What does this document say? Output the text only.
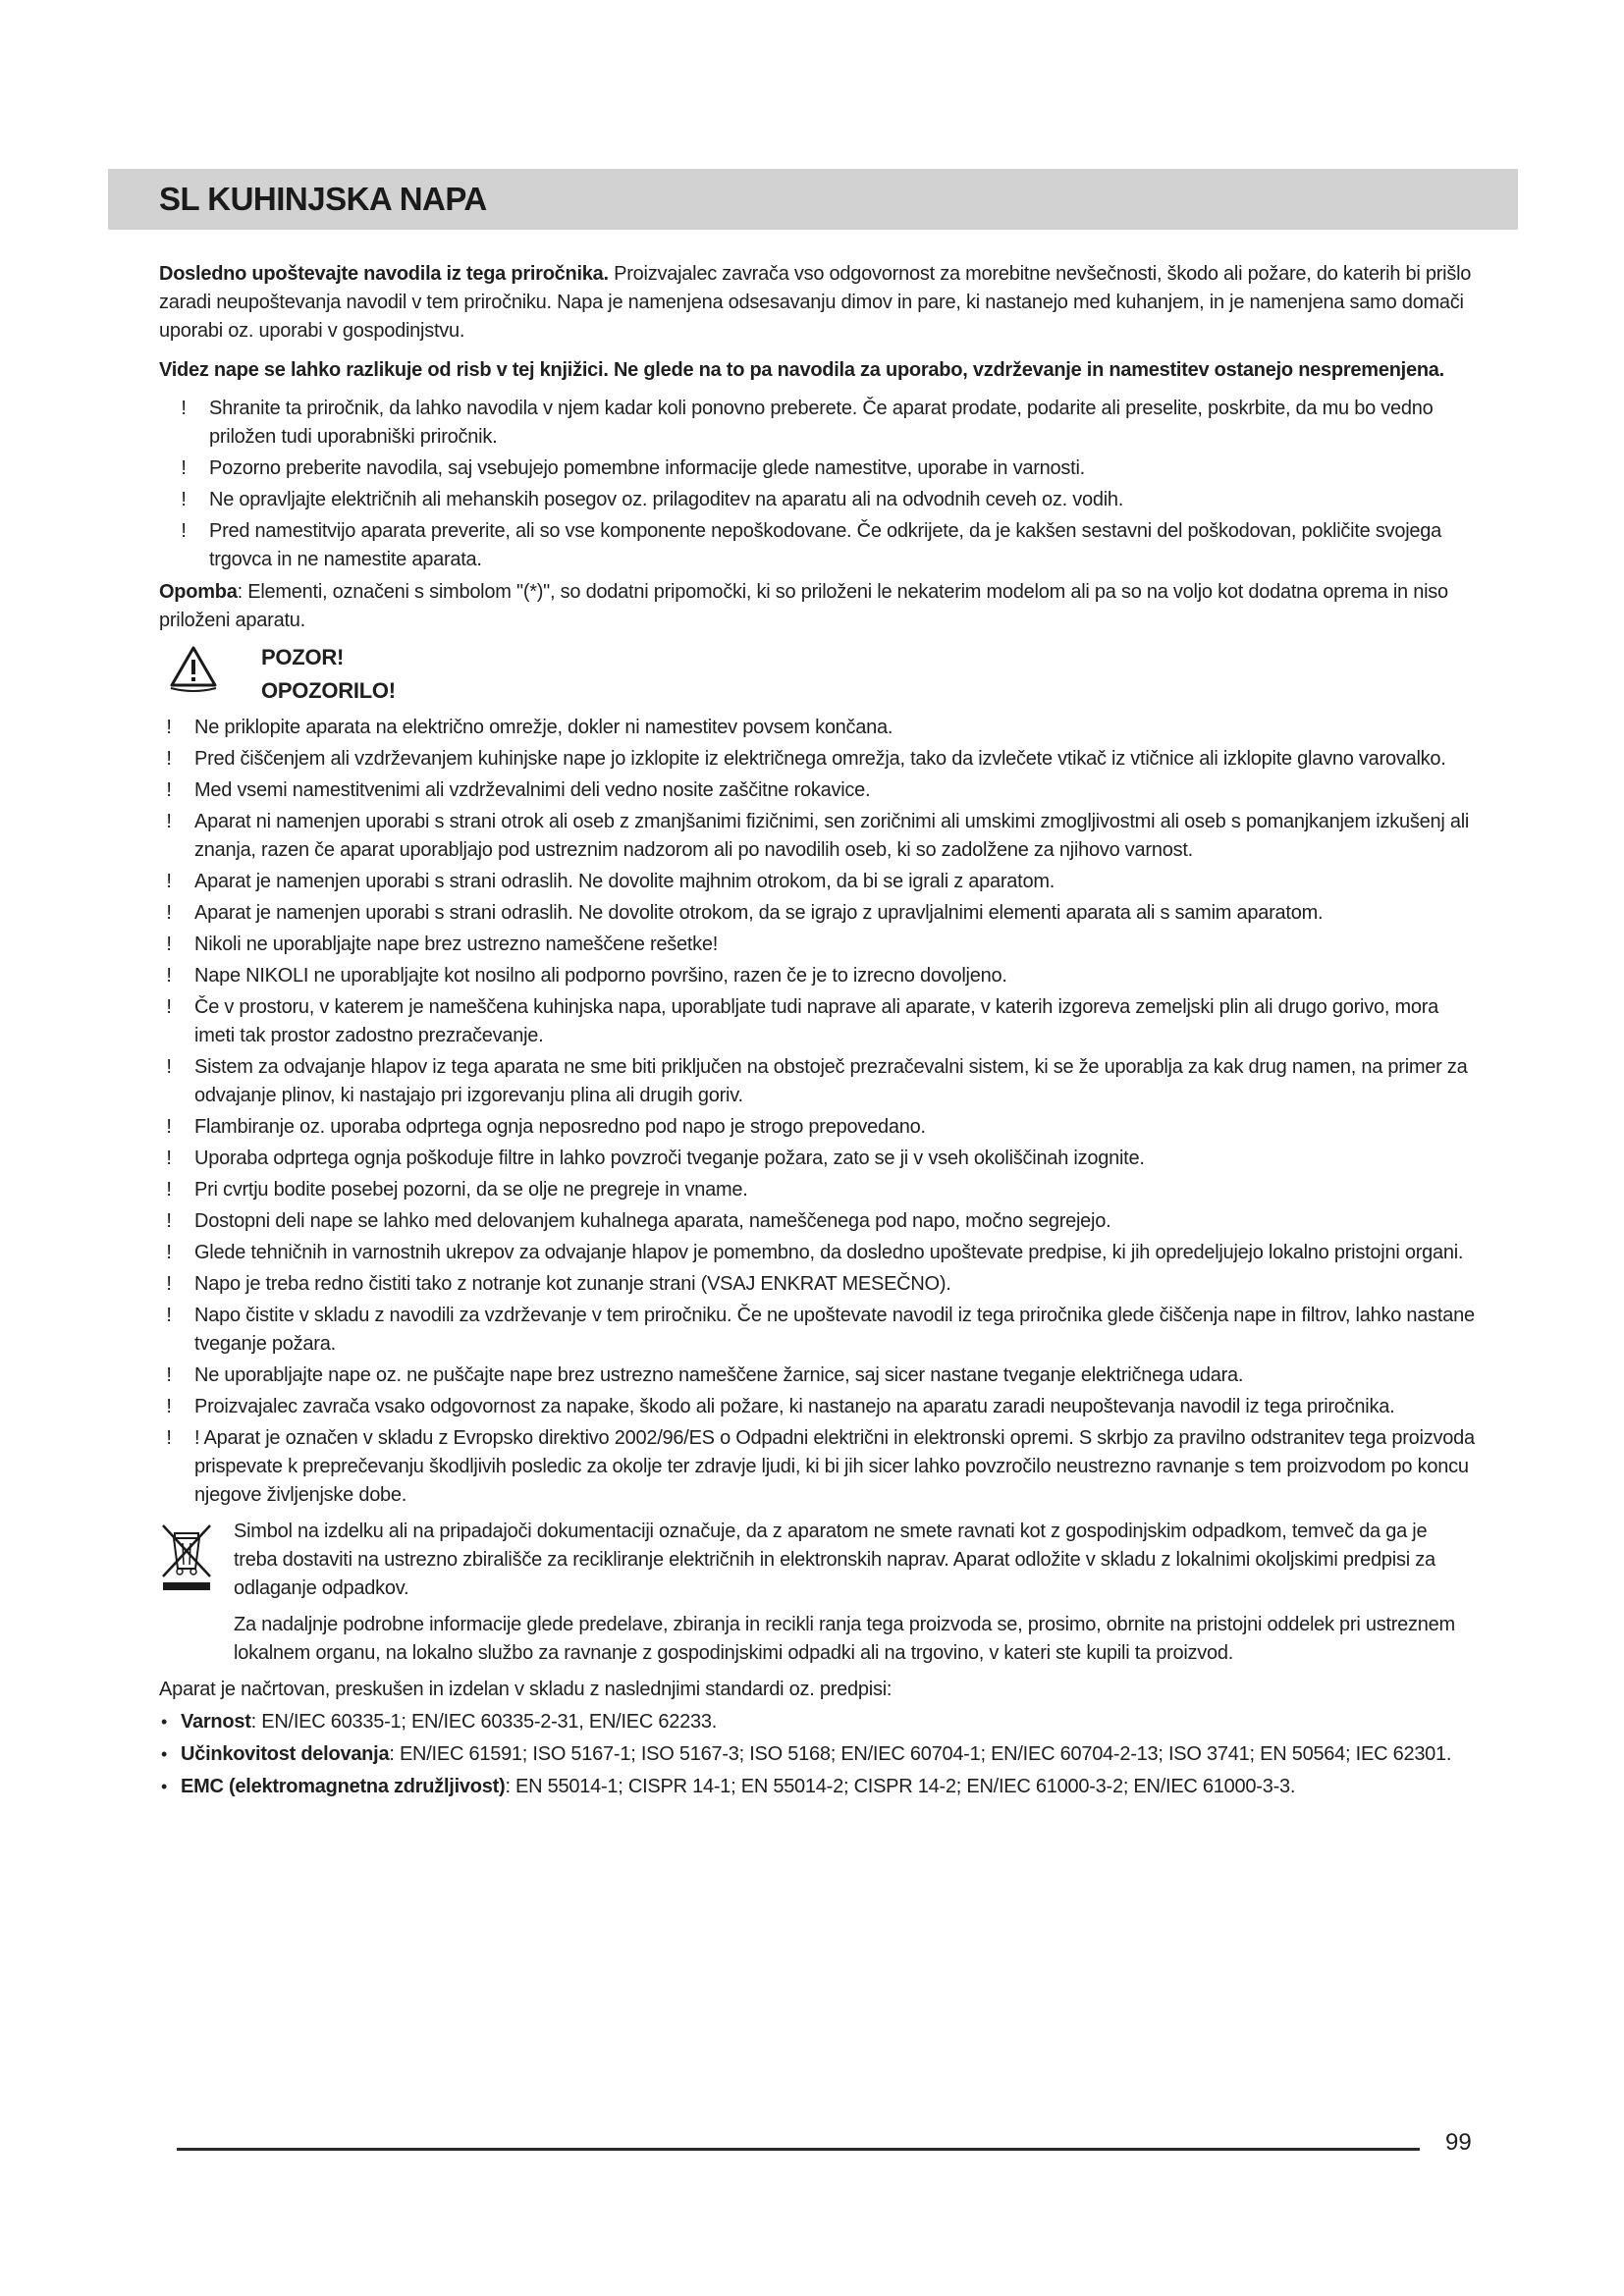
SL KUHINJSKA NAPA

Dosledno upoštevajte navodila iz tega priročnika. Proizvajalec zavrača vso odgovornost za morebitne nevšečnosti, škodo ali požare, do katerih bi prišlo zaradi neupoštevanja navodil v tem priročniku. Napa je namenjena odsesavanju dimov in pare, ki nastanejo med kuhanjem, in je namenjena samo domači uporabi oz. uporabi v gospodinjstvu.

Videz nape se lahko razlikuje od risb v tej knjižici. Ne glede na to pa navodila za uporabo, vzdrževanje in namestitev ostanejo nespremenjena.

!	Shranite ta priročnik, da lahko navodila v njem kadar koli ponovno preberete. Če aparat prodate, podarite ali preselite, poskrbite, da mu bo vedno priložen tudi uporabniški priročnik.
!	Pozorno preberite navodila, saj vsebujejo pomembne informacije glede namestitve, uporabe in varnosti.
!	Ne opravljajte električnih ali mehanskih posegov oz. prilagoditev na aparatu ali na odvodnih ceveh oz. vodih.
!	Pred namestitvijo aparata preverite, ali so vse komponente nepoškodovane. Če odkrijete, da je kakšen sestavni del poškodovan, pokličite svojega trgovca in ne namestite aparata.

Opomba: Elementi, označeni s simbolom "(*)", so dodatni pripomočki, ki so priloženi le nekaterim modelom ali pa so na voljo kot dodatna oprema in niso priloženi aparatu.

POZOR!
OPOZORILO!
!	Ne priklopite aparata na električno omrežje, dokler ni namestitev povsem končana.
!	Pred čiščenjem ali vzdrževanjem kuhinjske nape jo izklopite iz električnega omrežja, tako da izvlečete vtikač iz vtičnice ali izklopite glavno varovalko.
!	Med vsemi namestitvenimi ali vzdrževalnimi deli vedno nosite zaščitne rokavice.
!	Aparat ni namenjen uporabi s strani otrok ali oseb z zmanjšanimi fizičnimi, sen zoričnimi ali umskimi zmogljivostmi ali oseb s pomanjkanjem izkušenj ali znanja, razen če aparat uporabljajo pod ustreznim nadzorom ali po navodilih oseb, ki so zadolžene za njihovo varnost.
!	Aparat je namenjen uporabi s strani odraslih. Ne dovolite majhnim otrokom, da bi se igrali z aparatom.
!	Aparat je namenjen uporabi s strani odraslih. Ne dovolite otrokom, da se igrajo z upravljalnimi elementi aparata ali s samim aparatom.
!	Nikoli ne uporabljajte nape brez ustrezno nameščene rešetke!
!	Nape NIKOLI ne uporabljajte kot nosilno ali podporno površino, razen če je to izrecno dovoljeno.
!	Če v prostoru, v katerem je nameščena kuhinjska napa, uporabljate tudi naprave ali aparate, v katerih izgoreva zemeljski plin ali drugo gorivo, mora imeti tak prostor zadostno prezračevanje.
!	Sistem za odvajanje hlapov iz tega aparata ne sme biti priključen na obstoječ prezračevalni sistem, ki se že uporablja za kak drug namen, na primer za odvajanje plinov, ki nastajajo pri izgorevanju plina ali drugih goriv.
!	Flambiranje oz. uporaba odprtega ognja neposredno pod napo je strogo prepovedano.
!	Uporaba odprtega ognja poškoduje filtre in lahko povzroči tveganje požara, zato se ji v vseh okoliščinah izognite.
!	Pri cvrtju bodite posebej pozorni, da se olje ne pregreje in vname.
!	Dostopni deli nape se lahko med delovanjem kuhalnega aparata, nameščenega pod napo, močno segrejejo.
!	Glede tehničnih in varnostnih ukrepov za odvajanje hlapov je pomembno, da dosledno upoštevate predpise, ki jih opredeljujejo lokalno pristojni organi.
!	Napo je treba redno čistiti tako z notranje kot zunanje strani (VSAJ ENKRAT MESEČNO).
!	Napo čistite v skladu z navodili za vzdrževanje v tem priročniku. Če ne upoštevate navodil iz tega priročnika glede čiščenja nape in filtrov, lahko nastane tveganje požara.
!	Ne uporabljajte nape oz. ne puščajte nape brez ustrezno nameščene žarnice, saj sicer nastane tveganje električnega udara.
!	Proizvajalec zavrača vsako odgovornost za napake, škodo ali požare, ki nastanejo na aparatu zaradi neupoštevanja navodil iz tega priročnika.
!	! Aparat je označen v skladu z Evropsko direktivo 2002/96/ES o Odpadni električni in elektronski opremi. S skrbjo za pravilno odstranitev tega proizvoda prispevate k preprečevanju škodljivih posledic za okolje ter zdravje ljudi, ki bi jih sicer lahko povzročilo neustrezno ravnanje s tem proizvodom po koncu njegove življenjske dobe.

Simbol na izdelku ali na pripadajoči dokumentaciji označuje, da z aparatom ne smete ravnati kot z gospodinjskim odpadkom, temveč da ga je treba dostaviti na ustrezno zbirališče za recikliranje električnih in elektronskih naprav. Aparat odložite v skladu z lokalnimi okoljskimi predpisi za odlaganje odpadkov.

Za nadaljnje podrobne informacije glede predelave, zbiranja in recikli ranja tega proizvoda se, prosimo, obrnite na pristojni oddelek pri ustreznem lokalnem organu, na lokalno službo za ravnanje z gospodinjskimi odpadki ali na trgovino, v kateri ste kupili ta proizvod.

Aparat je načrtovan, preskušen in izdelan v skladu z naslednjimi standardi oz. predpisi:

• Varnost: EN/IEC 60335-1; EN/IEC 60335-2-31, EN/IEC 62233.
• Učinkovitost delovanja: EN/IEC 61591; ISO 5167-1; ISO 5167-3; ISO 5168; EN/IEC 60704-1; EN/IEC 60704-2-13; ISO 3741; EN 50564; IEC 62301.
• EMC (elektromagnetna združljivost): EN 55014-1; CISPR 14-1; EN 55014-2; CISPR 14-2; EN/IEC 61000-3-2; EN/IEC 61000-3-3.
99
